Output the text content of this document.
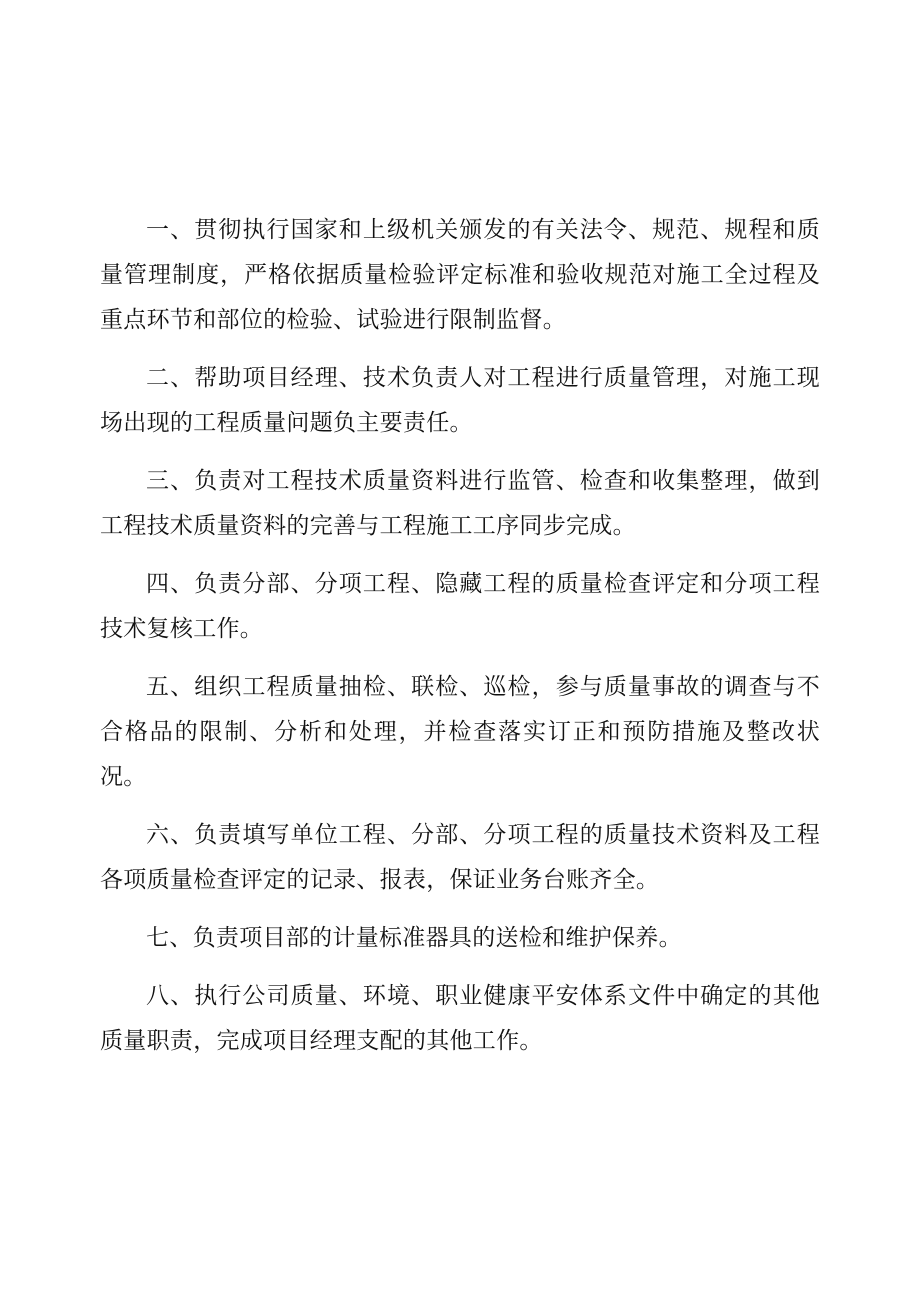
一、贯彻执行国家和上级机关颁发的有关法令、规范、规程和质量管理制度，严格依据质量检验评定标准和验收规范对施工全过程及重点环节和部位的检验、试验进行限制监督。

二、帮助项目经理、技术负责人对工程进行质量管理，对施工现场出现的工程质量问题负主要责任。

三、负责对工程技术质量资料进行监管、检查和收集整理，做到工程技术质量资料的完善与工程施工工序同步完成。

四、负责分部、分项工程、隐藏工程的质量检查评定和分项工程技术复核工作。

五、组织工程质量抽检、联检、巡检，参与质量事故的调查与不合格品的限制、分析和处理，并检查落实订正和预防措施及整改状况。

六、负责填写单位工程、分部、分项工程的质量技术资料及工程各项质量检查评定的记录、报表，保证业务台账齐全。

七、负责项目部的计量标准器具的送检和维护保养。

八、执行公司质量、环境、职业健康平安体系文件中确定的其他质量职责，完成项目经理支配的其他工作。
